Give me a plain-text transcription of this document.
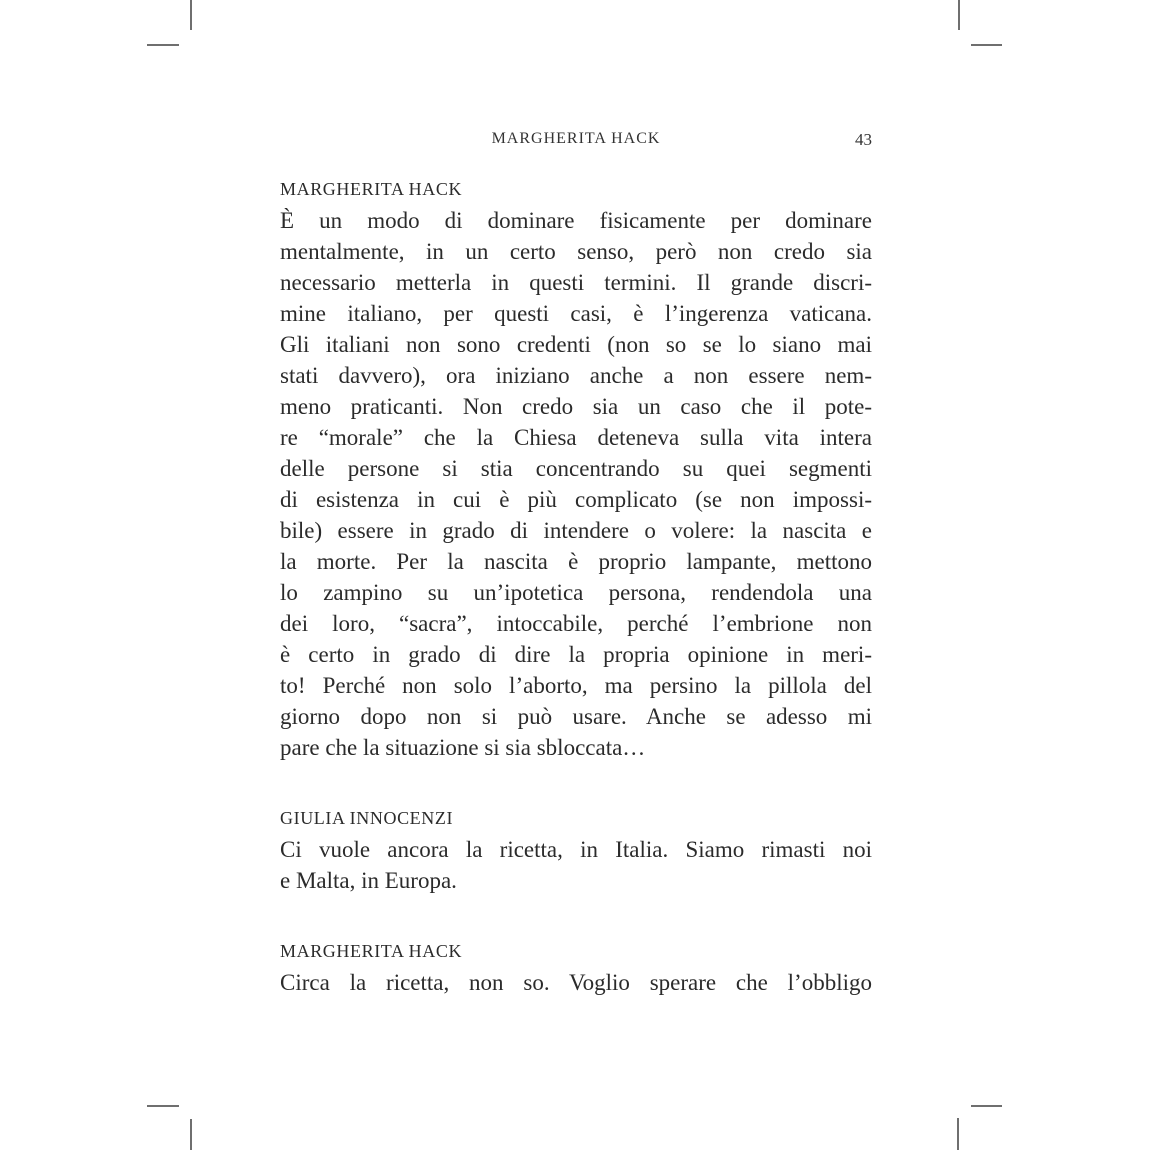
MARGHERITA HACK	43
MARGHERITA HACK
È un modo di dominare fisicamente per dominare
mentalmente, in un certo senso, però non credo sia
necessario metterla in questi termini. Il grande discri-
mine italiano, per questi casi, è l’ingerenza vaticana.
Gli italiani non sono credenti (non so se lo siano mai
stati davvero), ora iniziano anche a non essere nem-
meno praticanti. Non credo sia un caso che il pote-
re “morale” che la Chiesa deteneva sulla vita intera
delle persone si stia concentrando su quei segmenti
di esistenza in cui è più complicato (se non impossi-
bile) essere in grado di intendere o volere: la nascita e
la morte. Per la nascita è proprio lampante, mettono
lo zampino su un’ipotetica persona, rendendola una
dei loro, “sacra”, intoccabile, perché l’embrione non
è certo in grado di dire la propria opinione in meri-
to! Perché non solo l’aborto, ma persino la pillola del
giorno dopo non si può usare. Anche se adesso mi
pare che la situazione si sia sbloccata…
GIULIA INNOCENZI
Ci vuole ancora la ricetta, in Italia. Siamo rimasti noi
e Malta, in Europa.
MARGHERITA HACK
Circa la ricetta, non so. Voglio sperare che l’obbligo
